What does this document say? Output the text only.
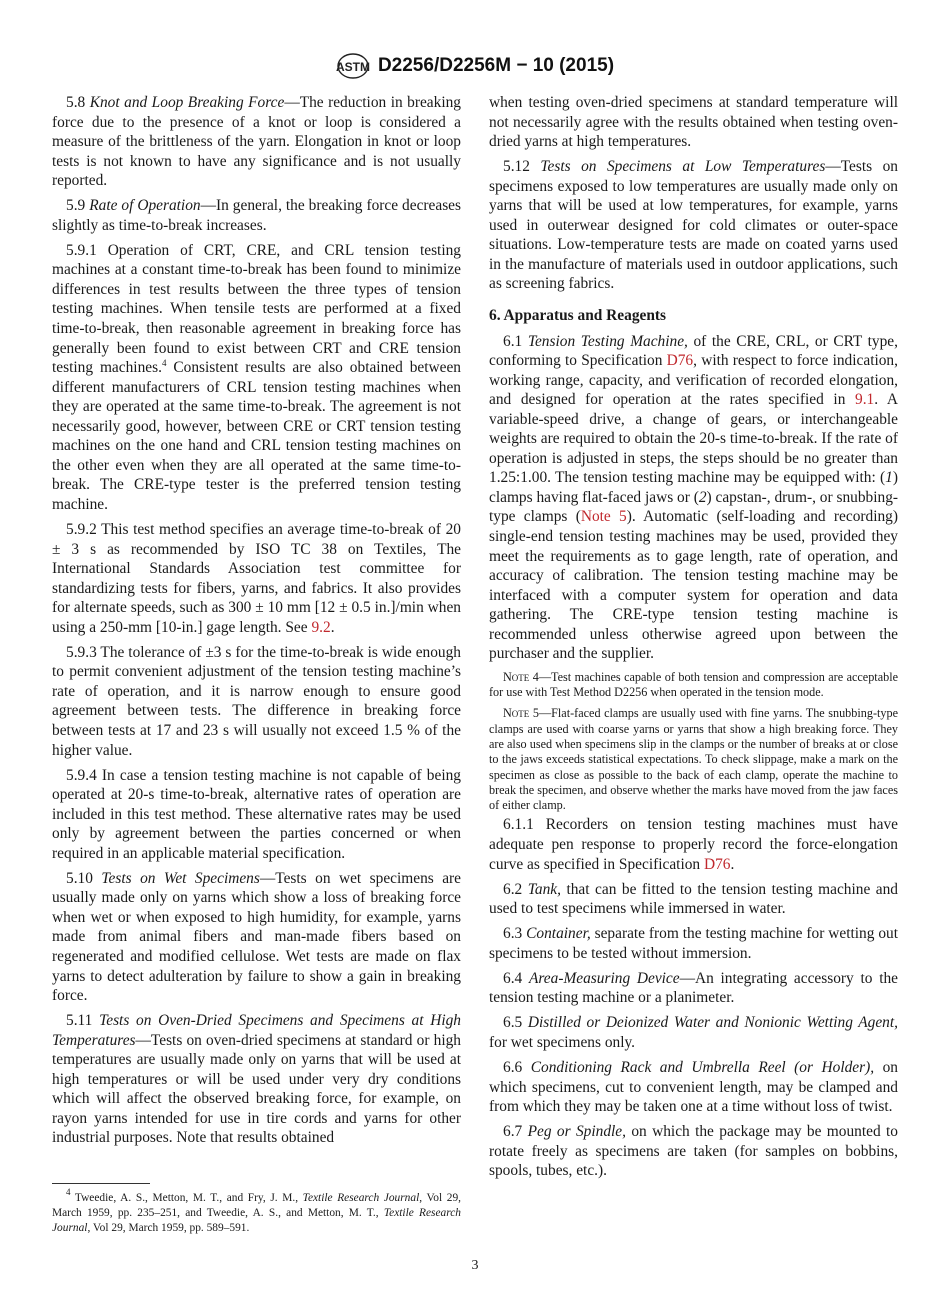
ASTM D2256/D2256M − 10 (2015)
5.8 Knot and Loop Breaking Force—The reduction in breaking force due to the presence of a knot or loop is considered a measure of the brittleness of the yarn. Elongation in knot or loop tests is not known to have any significance and is not usually reported.
5.9 Rate of Operation—In general, the breaking force decreases slightly as time-to-break increases.
5.9.1 Operation of CRT, CRE, and CRL tension testing machines at a constant time-to-break has been found to minimize differences in test results between the three types of tension testing machines. When tensile tests are performed at a fixed time-to-break, then reasonable agreement in breaking force has generally been found to exist between CRT and CRE tension testing machines.$^4$ Consistent results are also obtained between different manufacturers of CRL tension testing machines when they are operated at the same time-to-break. The agreement is not necessarily good, however, between CRE or CRT tension testing machines on the one hand and CRL tension testing machines on the other even when they are all operated at the same time-to-break. The CRE-type tester is the preferred tension testing machine.
5.9.2 This test method specifies an average time-to-break of 20 ± 3 s as recommended by ISO TC 38 on Textiles, The International Standards Association test committee for standardizing tests for fibers, yarns, and fabrics. It also provides for alternate speeds, such as 300 ± 10 mm [12 ± 0.5 in.]/min when using a 250-mm [10-in.] gage length. See 9.2.
5.9.3 The tolerance of ±3 s for the time-to-break is wide enough to permit convenient adjustment of the tension testing machine’s rate of operation, and it is narrow enough to ensure good agreement between tests. The difference in breaking force between tests at 17 and 23 s will usually not exceed 1.5 % of the higher value.
5.9.4 In case a tension testing machine is not capable of being operated at 20-s time-to-break, alternative rates of operation are included in this test method. These alternative rates may be used only by agreement between the parties concerned or when required in an applicable material specification.
5.10 Tests on Wet Specimens—Tests on wet specimens are usually made only on yarns which show a loss of breaking force when wet or when exposed to high humidity, for example, yarns made from animal fibers and man-made fibers based on regenerated and modified cellulose. Wet tests are made on flax yarns to detect adulteration by failure to show a gain in breaking force.
5.11 Tests on Oven-Dried Specimens and Specimens at High Temperatures—Tests on oven-dried specimens at standard or high temperatures are usually made only on yarns that will be used at high temperatures or will be used under very dry conditions which will affect the observed breaking force, for example, on rayon yarns intended for use in tire cords and yarns for other industrial purposes. Note that results obtained
$^4$ Tweedie, A. S., Metton, M. T., and Fry, J. M., Textile Research Journal, Vol 29, March 1959, pp. 235–251, and Tweedie, A. S., and Metton, M. T., Textile Research Journal, Vol 29, March 1959, pp. 589–591.
when testing oven-dried specimens at standard temperature will not necessarily agree with the results obtained when testing oven-dried yarns at high temperatures.
5.12 Tests on Specimens at Low Temperatures—Tests on specimens exposed to low temperatures are usually made only on yarns that will be used at low temperatures, for example, yarns used in outerwear designed for cold climates or outer-space situations. Low-temperature tests are made on coated yarns used in the manufacture of materials used in outdoor applications, such as screening fabrics.
6. Apparatus and Reagents
6.1 Tension Testing Machine, of the CRE, CRL, or CRT type, conforming to Specification D76, with respect to force indication, working range, capacity, and verification of recorded elongation, and designed for operation at the rates specified in 9.1. A variable-speed drive, a change of gears, or interchangeable weights are required to obtain the 20-s time-to-break. If the rate of operation is adjusted in steps, the steps should be no greater than 1.25:1.00. The tension testing machine may be equipped with: (1) clamps having flat-faced jaws or (2) capstan-, drum-, or snubbing-type clamps (Note 5). Automatic (self-loading and recording) single-end tension testing machines may be used, provided they meet the requirements as to gage length, rate of operation, and accuracy of calibration. The tension testing machine may be interfaced with a computer system for operation and data gathering. The CRE-type tension testing machine is recommended unless otherwise agreed upon between the purchaser and the supplier.
Note 4—Test machines capable of both tension and compression are acceptable for use with Test Method D2256 when operated in the tension mode.
Note 5—Flat-faced clamps are usually used with fine yarns. The snubbing-type clamps are used with coarse yarns or yarns that show a high breaking force. They are also used when specimens slip in the clamps or the number of breaks at or close to the jaws exceeds statistical expectations. To check slippage, make a mark on the specimen as close as possible to the back of each clamp, operate the machine to break the specimen, and observe whether the marks have moved from the jaw faces of either clamp.
6.1.1 Recorders on tension testing machines must have adequate pen response to properly record the force-elongation curve as specified in Specification D76.
6.2 Tank, that can be fitted to the tension testing machine and used to test specimens while immersed in water.
6.3 Container, separate from the testing machine for wetting out specimens to be tested without immersion.
6.4 Area-Measuring Device—An integrating accessory to the tension testing machine or a planimeter.
6.5 Distilled or Deionized Water and Nonionic Wetting Agent, for wet specimens only.
6.6 Conditioning Rack and Umbrella Reel (or Holder), on which specimens, cut to convenient length, may be clamped and from which they may be taken one at a time without loss of twist.
6.7 Peg or Spindle, on which the package may be mounted to rotate freely as specimens are taken (for samples on bobbins, spools, tubes, etc.).
3
